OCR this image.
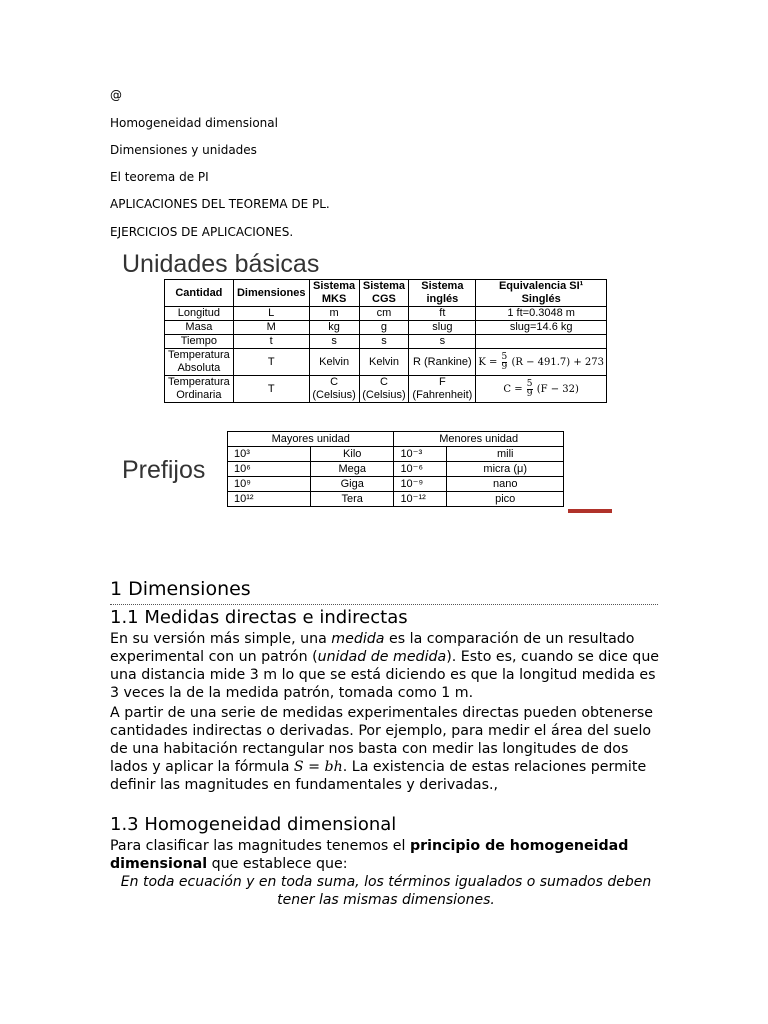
@
Homogeneidad dimensional
Dimensiones y unidades
El teorema de PI
APLICACIONES DEL TEOREMA DE PL.
EJERCICIOS DE APLICACIONES.
Unidades básicas
Cantidad	Dimensiones	Sistema MKS	Sistema CGS	Sistema inglés	Equivalencia SI¹ Singlés
Longitud	L	m	cm	ft	1 ft=0.3048 m
Masa	M	kg	g	slug	slug=14.6 kg
Tiempo	t	s	s	s	
Temperatura Absoluta	T	Kelvin	Kelvin	R (Rankine)	$K = \frac{5}{9} (R - 491.7) + 273$
Temperatura Ordinaria	T	C (Celsius)	C (Celsius)	F (Fahrenheit)	$C = \frac{5}{9} (F - 32)$
Prefijos
Mayores unidad		Menores unidad	
10³	Kilo	10⁻³	mili
10⁶	Mega	10⁻⁶	micra (μ)
10⁹	Giga	10⁻⁹	nano
10¹²	Tera	10⁻¹²	pico
1 Dimensiones
1.1 Medidas directas e indirectas
En su versión más simple, una medida es la comparación de un resultado experimental con un patrón (unidad de medida). Esto es, cuando se dice que una distancia mide 3 m lo que se está diciendo es que la longitud medida es 3 veces la de la medida patrón, tomada como 1 m.
A partir de una serie de medidas experimentales directas pueden obtenerse cantidades indirectas o derivadas. Por ejemplo, para medir el área del suelo de una habitación rectangular nos basta con medir las longitudes de dos lados y aplicar la fórmula S = bh. La existencia de estas relaciones permite definir las magnitudes en fundamentales y derivadas.,
1.3 Homogeneidad dimensional
Para clasificar las magnitudes tenemos el principio de homogeneidad dimensional que establece que:
En toda ecuación y en toda suma, los términos igualados o sumados deben tener las mismas dimensiones.
